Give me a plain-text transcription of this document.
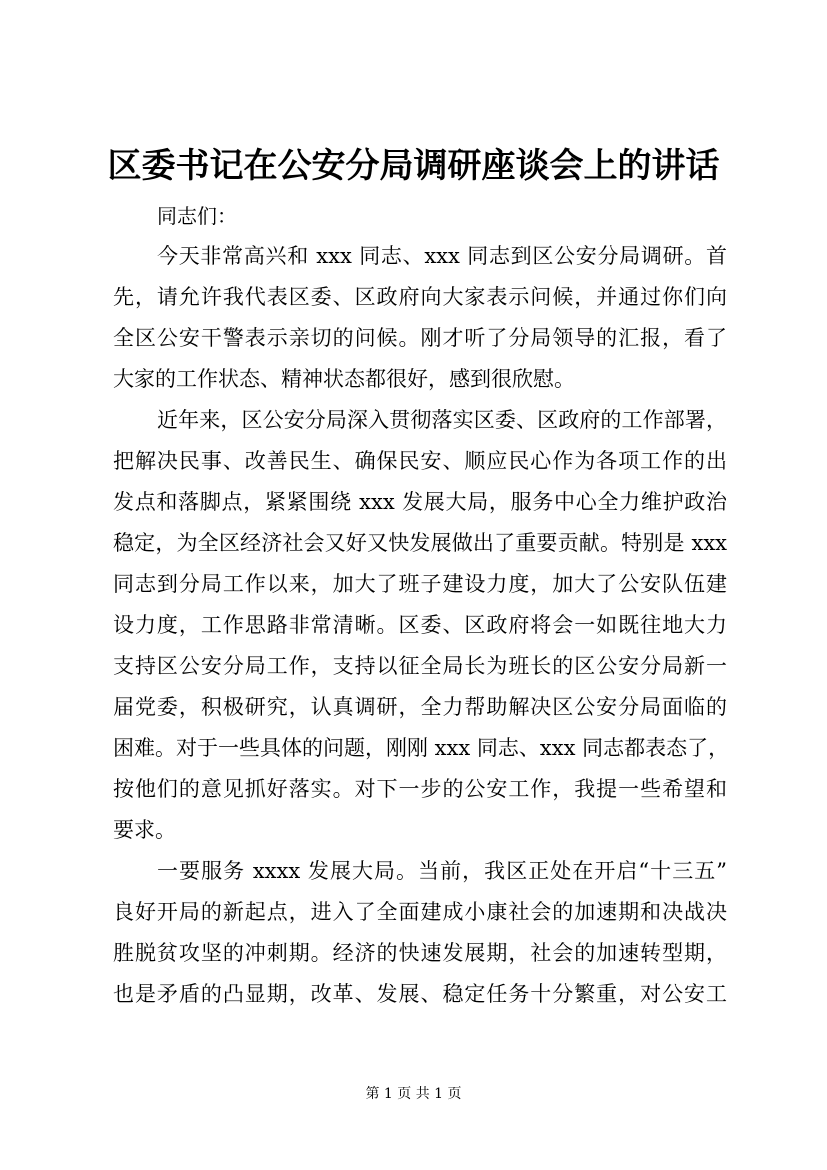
区委书记在公安分局调研座谈会上的讲话

同志们：

今天非常高兴和 xxx 同志、xxx 同志到区公安分局调研。首
先，请允许我代表区委、区政府向大家表示问候，并通过你们向
全区公安干警表示亲切的问候。刚才听了分局领导的汇报，看了
大家的工作状态、精神状态都很好，感到很欣慰。

近年来，区公安分局深入贯彻落实区委、区政府的工作部署，
把解决民事、改善民生、确保民安、顺应民心作为各项工作的出
发点和落脚点，紧紧围绕 xxx 发展大局，服务中心全力维护政治
稳定，为全区经济社会又好又快发展做出了重要贡献。特别是 xxx
同志到分局工作以来，加大了班子建设力度，加大了公安队伍建
设力度，工作思路非常清晰。区委、区政府将会一如既往地大力
支持区公安分局工作，支持以征全局长为班长的区公安分局新一
届党委，积极研究，认真调研，全力帮助解决区公安分局面临的
困难。对于一些具体的问题，刚刚 xxx 同志、xxx 同志都表态了，
按他们的意见抓好落实。对下一步的公安工作，我提一些希望和
要求。

一要服务 xxxx 发展大局。当前，我区正处在开启“十三五”
良好开局的新起点，进入了全面建成小康社会的加速期和决战决
胜脱贫攻坚的冲刺期。经济的快速发展期，社会的加速转型期，
也是矛盾的凸显期，改革、发展、稳定任务十分繁重，对公安工

第 1 页 共 1 页
